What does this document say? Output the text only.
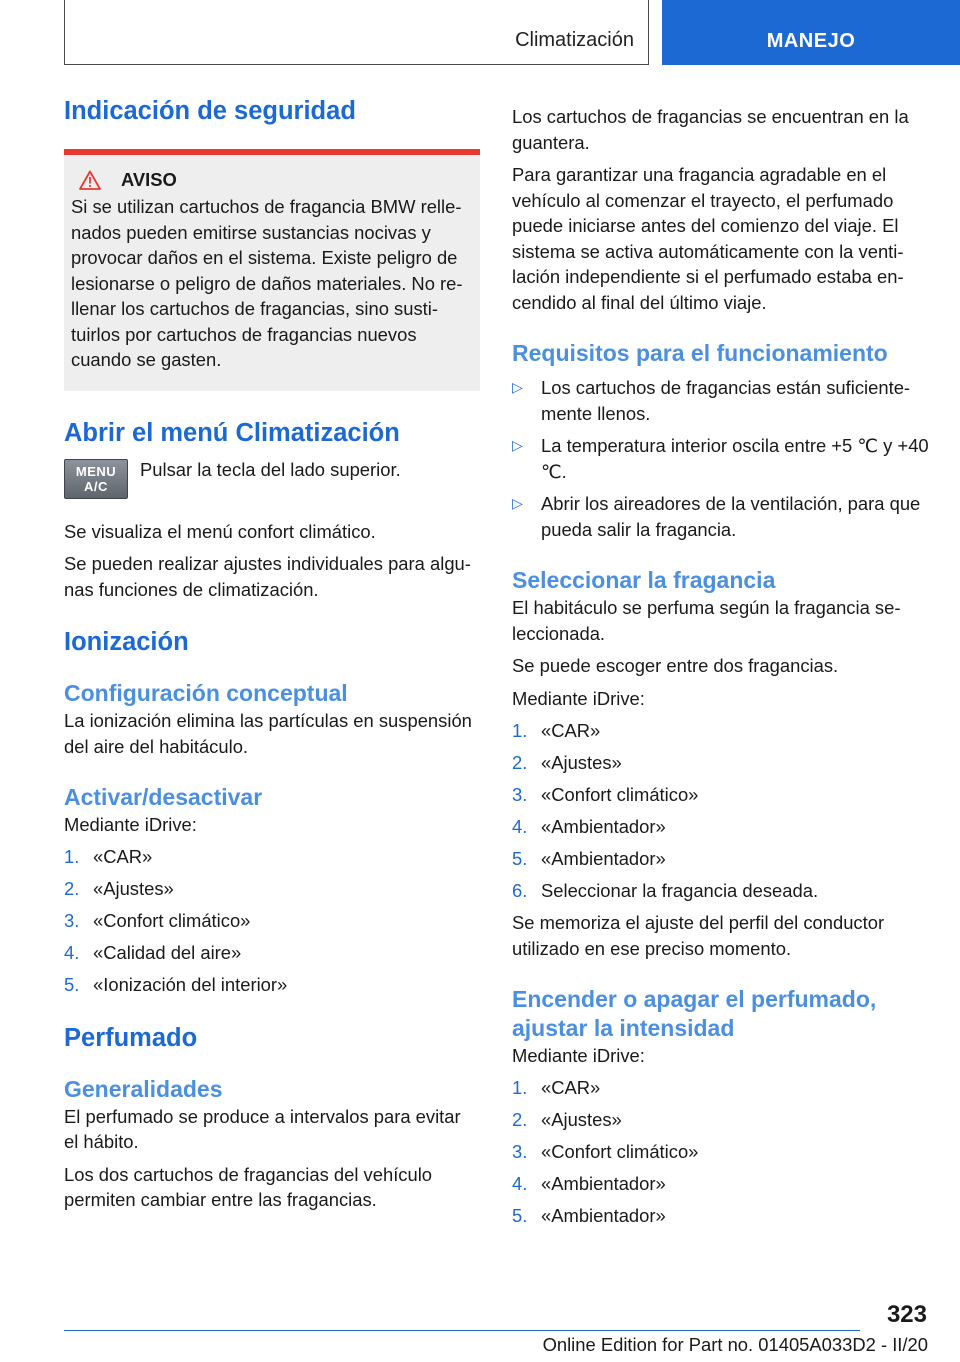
Climatización	MANEJO
Indicación de seguridad
AVISO

Si se utilizan cartuchos de fragancia BMW rellenados pueden emitirse sustancias nocivas y provocar daños en el sistema. Existe peligro de lesionarse o peligro de daños materiales. No rellenar los cartuchos de fragancias, sino sustituirlos por cartuchos de fragancias nuevos cuando se gasten.

Abrir el menú Climatización
MENU
A/C

Pulsar la tecla del lado superior.

Se visualiza el menú confort climático.

Se pueden realizar ajustes individuales para algunas funciones de climatización.

Ionización
Configuración conceptual

La ionización elimina las partículas en suspensión del aire del habitáculo.

Activar/desactivar

Mediante iDrive:

1. «CAR»
2. «Ajustes»
3. «Confort climático»
4. «Calidad del aire»
5. «Ionización del interior»
Perfumado
Generalidades

El perfumado se produce a intervalos para evitar el hábito.

Los dos cartuchos de fragancias del vehículo permiten cambiar entre las fragancias.

Los cartuchos de fragancias se encuentran en la guantera.

Para garantizar una fragancia agradable en el vehículo al comenzar el trayecto, el perfumado puede iniciarse antes del comienzo del viaje. El sistema se activa automáticamente con la ventilación independiente si el perfumado estaba encendido al final del último viaje.

Requisitos para el funcionamiento
▷ Los cartuchos de fragancias están suficientemente llenos.
▷ La temperatura interior oscila entre +5 ℃ y +40 ℃.
▷ Abrir los aireadores de la ventilación, para que pueda salir la fragancia.
Seleccionar la fragancia

El habitáculo se perfuma según la fragancia seleccionada.

Se puede escoger entre dos fragancias.

Mediante iDrive:

1. «CAR»
2. «Ajustes»
3. «Confort climático»
4. «Ambientador»
5. «Ambientador»
6. Seleccionar la fragancia deseada.

Se memoriza el ajuste del perfil del conductor utilizado en ese preciso momento.

Encender o apagar el perfumado, ajustar la intensidad

Mediante iDrive:

1. «CAR»
2. «Ajustes»
3. «Confort climático»
4. «Ambientador»
5. «Ambientador»
323
Online Edition for Part no. 01405A033D2 - II/20
